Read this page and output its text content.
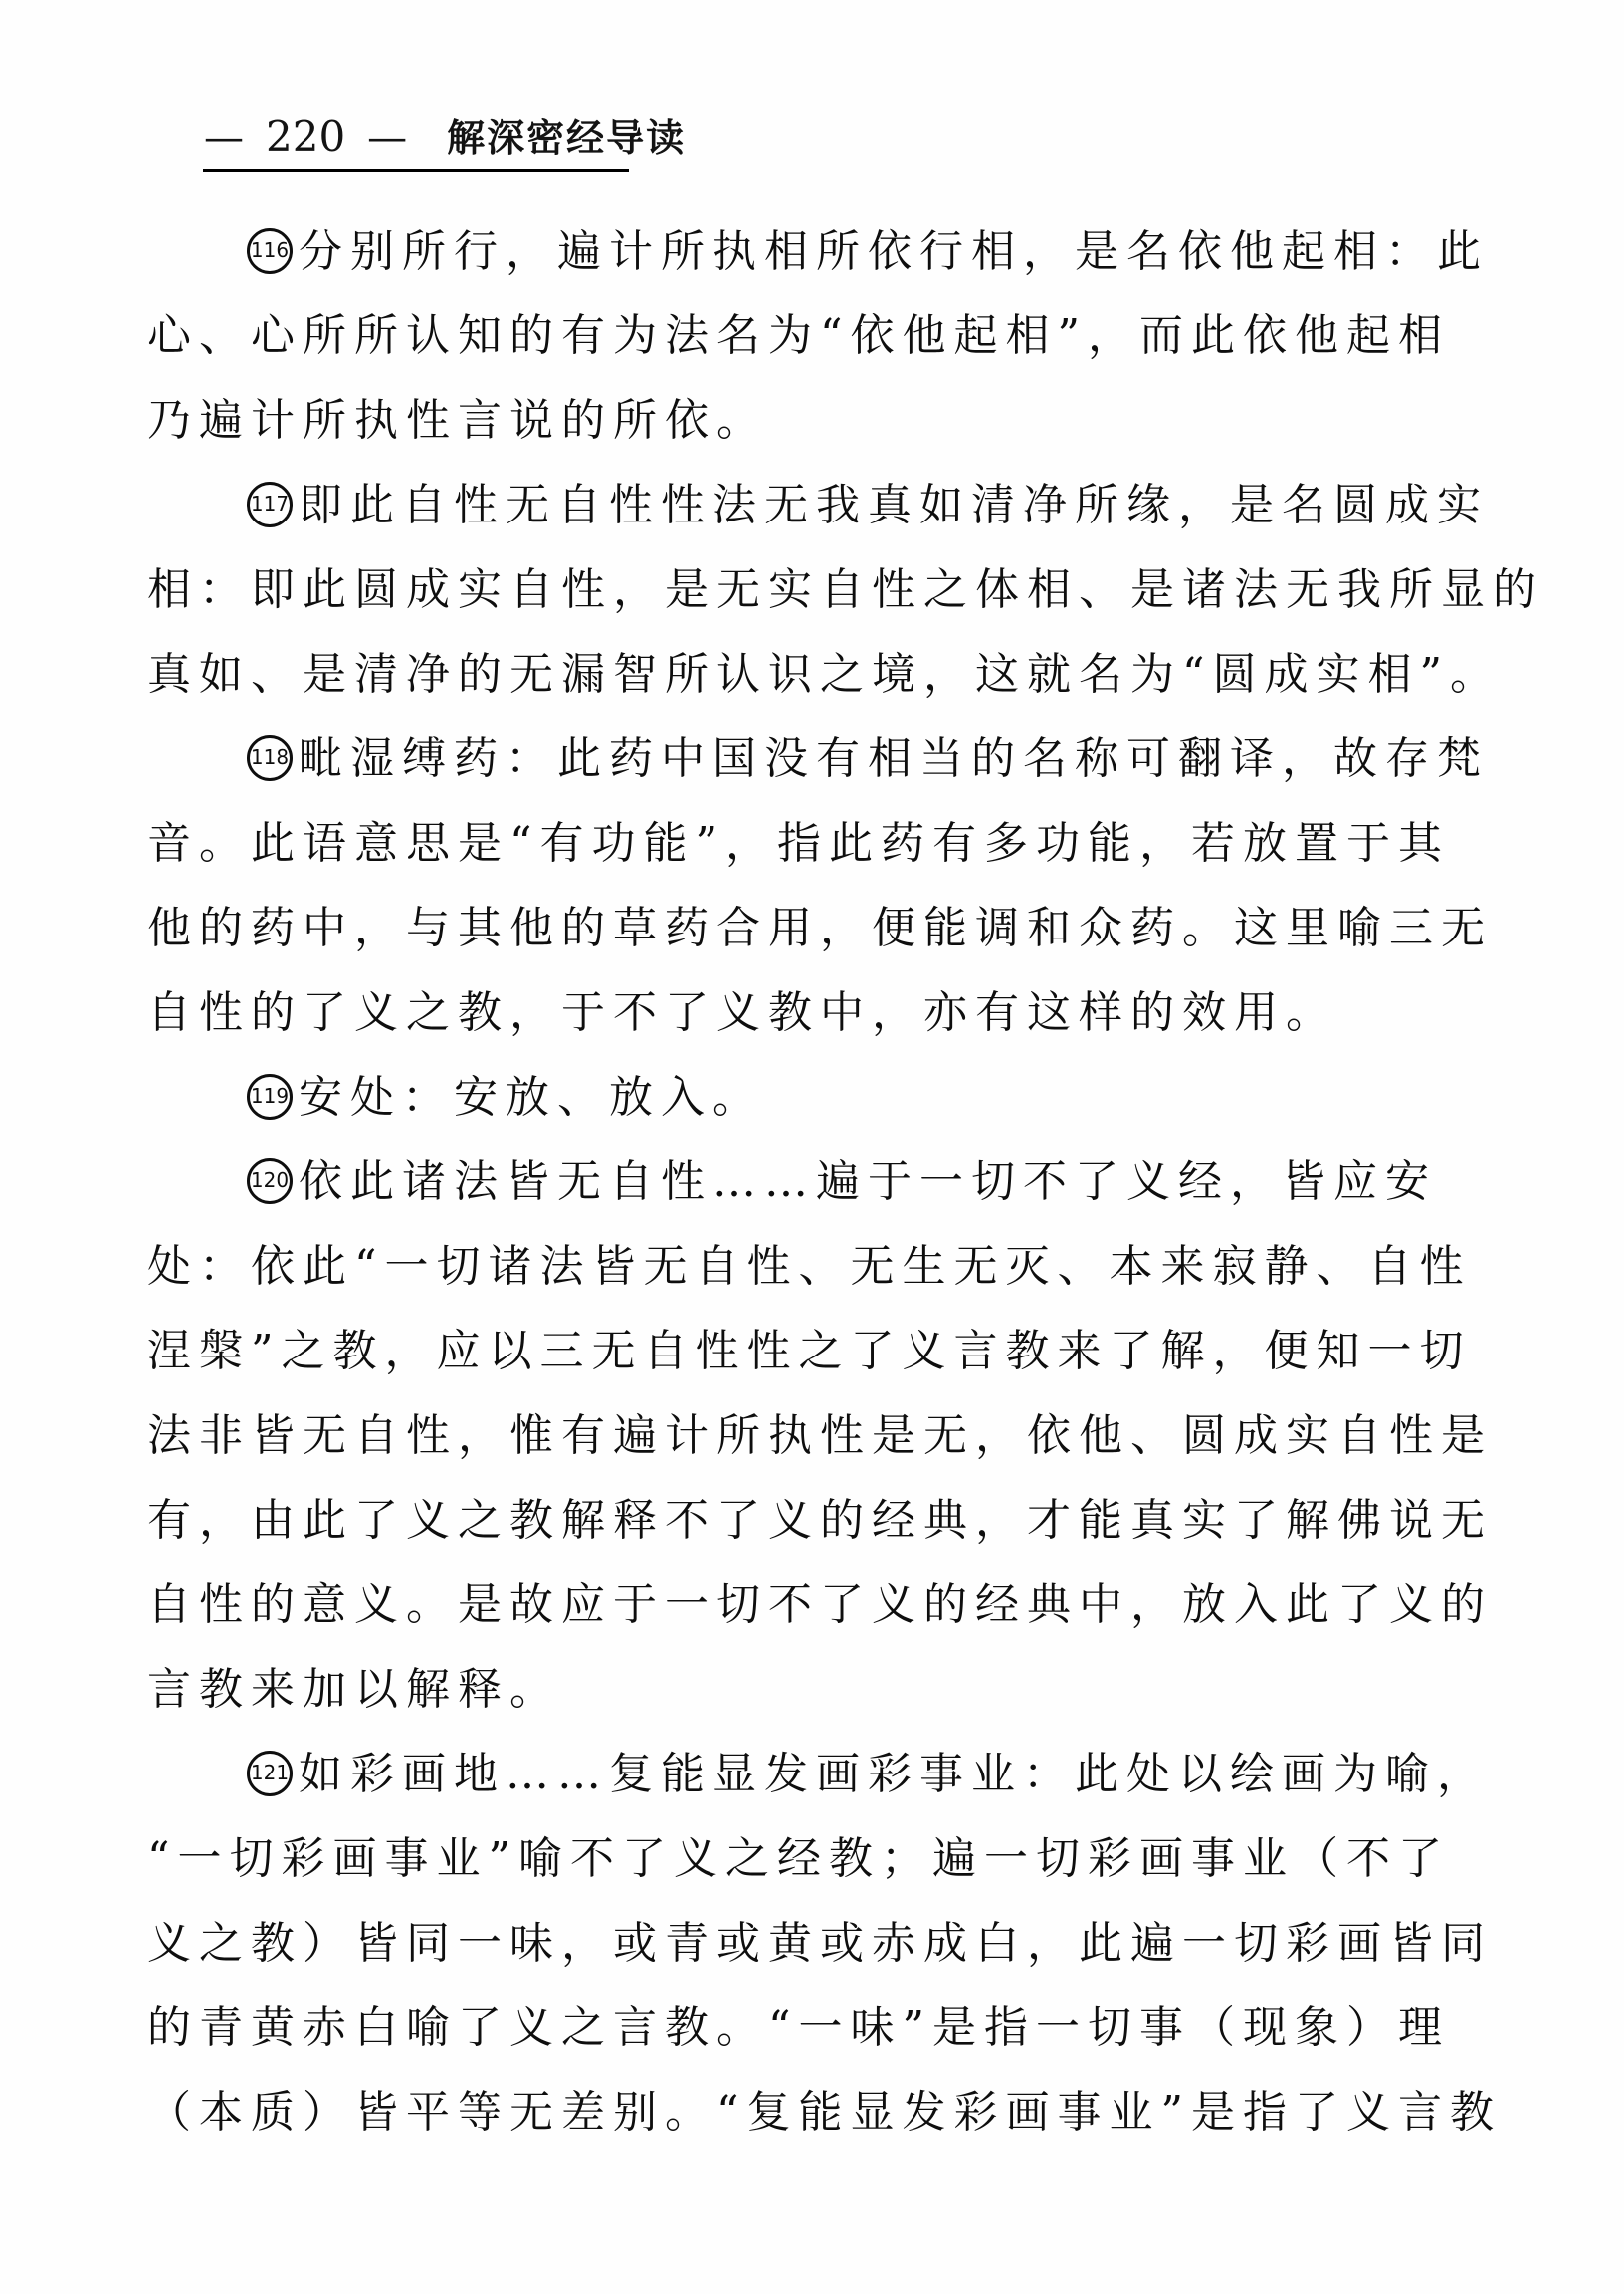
— 220 — 解深密经导读
116 分别所行，遍计所执相所依行相，是名依他起相：此
心、心所所认知的有为法名为“依他起相”，而此依他起相
乃遍计所执性言说的所依。
117 即此自性无自性性法无我真如清净所缘，是名圆成实
相：即此圆成实自性，是无实自性之体相、是诸法无我所显的
真如、是清净的无漏智所认识之境，这就名为“圆成实相”。
118 毗湿缚药：此药中国没有相当的名称可翻译，故存梵
音。此语意思是“有功能”，指此药有多功能，若放置于其
他的药中，与其他的草药合用，便能调和众药。这里喻三无
自性的了义之教，于不了义教中，亦有这样的效用。
119 安处：安放、放入。
120 依此诸法皆无自性……遍于一切不了义经，皆应安
处：依此“一切诸法皆无自性、无生无灭、本来寂静、自性
涅槃”之教，应以三无自性性之了义言教来了解，便知一切
法非皆无自性，惟有遍计所执性是无，依他、圆成实自性是
有，由此了义之教解释不了义的经典，才能真实了解佛说无
自性的意义。是故应于一切不了义的经典中，放入此了义的
言教来加以解释。
121 如彩画地……复能显发画彩事业：此处以绘画为喻，
“一切彩画事业”喻不了义之经教；遍一切彩画事业（不了
义之教）皆同一味，或青或黄或赤成白，此遍一切彩画皆同
的青黄赤白喻了义之言教。“一味”是指一切事（现象）理
（本质）皆平等无差别。“复能显发彩画事业”是指了义言教
